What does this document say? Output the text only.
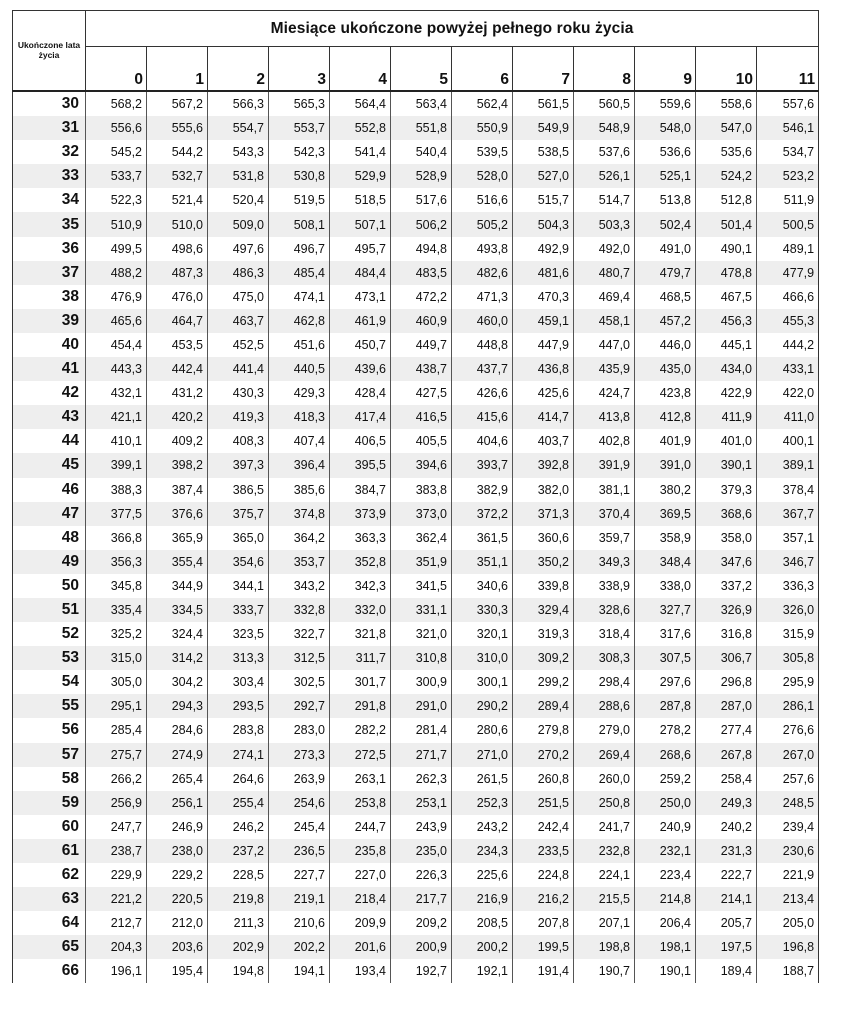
Ukończone lata życia	Miesiące ukończone powyżej pełnego roku życia											
	0	1	2	3	4	5	6	7	8	9	10	11
30	568,2	567,2	566,3	565,3	564,4	563,4	562,4	561,5	560,5	559,6	558,6	557,6
31	556,6	555,6	554,7	553,7	552,8	551,8	550,9	549,9	548,9	548,0	547,0	546,1
32	545,2	544,2	543,3	542,3	541,4	540,4	539,5	538,5	537,6	536,6	535,6	534,7
33	533,7	532,7	531,8	530,8	529,9	528,9	528,0	527,0	526,1	525,1	524,2	523,2
34	522,3	521,4	520,4	519,5	518,5	517,6	516,6	515,7	514,7	513,8	512,8	511,9
35	510,9	510,0	509,0	508,1	507,1	506,2	505,2	504,3	503,3	502,4	501,4	500,5
36	499,5	498,6	497,6	496,7	495,7	494,8	493,8	492,9	492,0	491,0	490,1	489,1
37	488,2	487,3	486,3	485,4	484,4	483,5	482,6	481,6	480,7	479,7	478,8	477,9
38	476,9	476,0	475,0	474,1	473,1	472,2	471,3	470,3	469,4	468,5	467,5	466,6
39	465,6	464,7	463,7	462,8	461,9	460,9	460,0	459,1	458,1	457,2	456,3	455,3
40	454,4	453,5	452,5	451,6	450,7	449,7	448,8	447,9	447,0	446,0	445,1	444,2
41	443,3	442,4	441,4	440,5	439,6	438,7	437,7	436,8	435,9	435,0	434,0	433,1
42	432,1	431,2	430,3	429,3	428,4	427,5	426,6	425,6	424,7	423,8	422,9	422,0
43	421,1	420,2	419,3	418,3	417,4	416,5	415,6	414,7	413,8	412,8	411,9	411,0
44	410,1	409,2	408,3	407,4	406,5	405,5	404,6	403,7	402,8	401,9	401,0	400,1
45	399,1	398,2	397,3	396,4	395,5	394,6	393,7	392,8	391,9	391,0	390,1	389,1
46	388,3	387,4	386,5	385,6	384,7	383,8	382,9	382,0	381,1	380,2	379,3	378,4
47	377,5	376,6	375,7	374,8	373,9	373,0	372,2	371,3	370,4	369,5	368,6	367,7
48	366,8	365,9	365,0	364,2	363,3	362,4	361,5	360,6	359,7	358,9	358,0	357,1
49	356,3	355,4	354,6	353,7	352,8	351,9	351,1	350,2	349,3	348,4	347,6	346,7
50	345,8	344,9	344,1	343,2	342,3	341,5	340,6	339,8	338,9	338,0	337,2	336,3
51	335,4	334,5	333,7	332,8	332,0	331,1	330,3	329,4	328,6	327,7	326,9	326,0
52	325,2	324,4	323,5	322,7	321,8	321,0	320,1	319,3	318,4	317,6	316,8	315,9
53	315,0	314,2	313,3	312,5	311,7	310,8	310,0	309,2	308,3	307,5	306,7	305,8
54	305,0	304,2	303,4	302,5	301,7	300,9	300,1	299,2	298,4	297,6	296,8	295,9
55	295,1	294,3	293,5	292,7	291,8	291,0	290,2	289,4	288,6	287,8	287,0	286,1
56	285,4	284,6	283,8	283,0	282,2	281,4	280,6	279,8	279,0	278,2	277,4	276,6
57	275,7	274,9	274,1	273,3	272,5	271,7	271,0	270,2	269,4	268,6	267,8	267,0
58	266,2	265,4	264,6	263,9	263,1	262,3	261,5	260,8	260,0	259,2	258,4	257,6
59	256,9	256,1	255,4	254,6	253,8	253,1	252,3	251,5	250,8	250,0	249,3	248,5
60	247,7	246,9	246,2	245,4	244,7	243,9	243,2	242,4	241,7	240,9	240,2	239,4
61	238,7	238,0	237,2	236,5	235,8	235,0	234,3	233,5	232,8	232,1	231,3	230,6
62	229,9	229,2	228,5	227,7	227,0	226,3	225,6	224,8	224,1	223,4	222,7	221,9
63	221,2	220,5	219,8	219,1	218,4	217,7	216,9	216,2	215,5	214,8	214,1	213,4
64	212,7	212,0	211,3	210,6	209,9	209,2	208,5	207,8	207,1	206,4	205,7	205,0
65	204,3	203,6	202,9	202,2	201,6	200,9	200,2	199,5	198,8	198,1	197,5	196,8
66	196,1	195,4	194,8	194,1	193,4	192,7	192,1	191,4	190,7	190,1	189,4	188,7
